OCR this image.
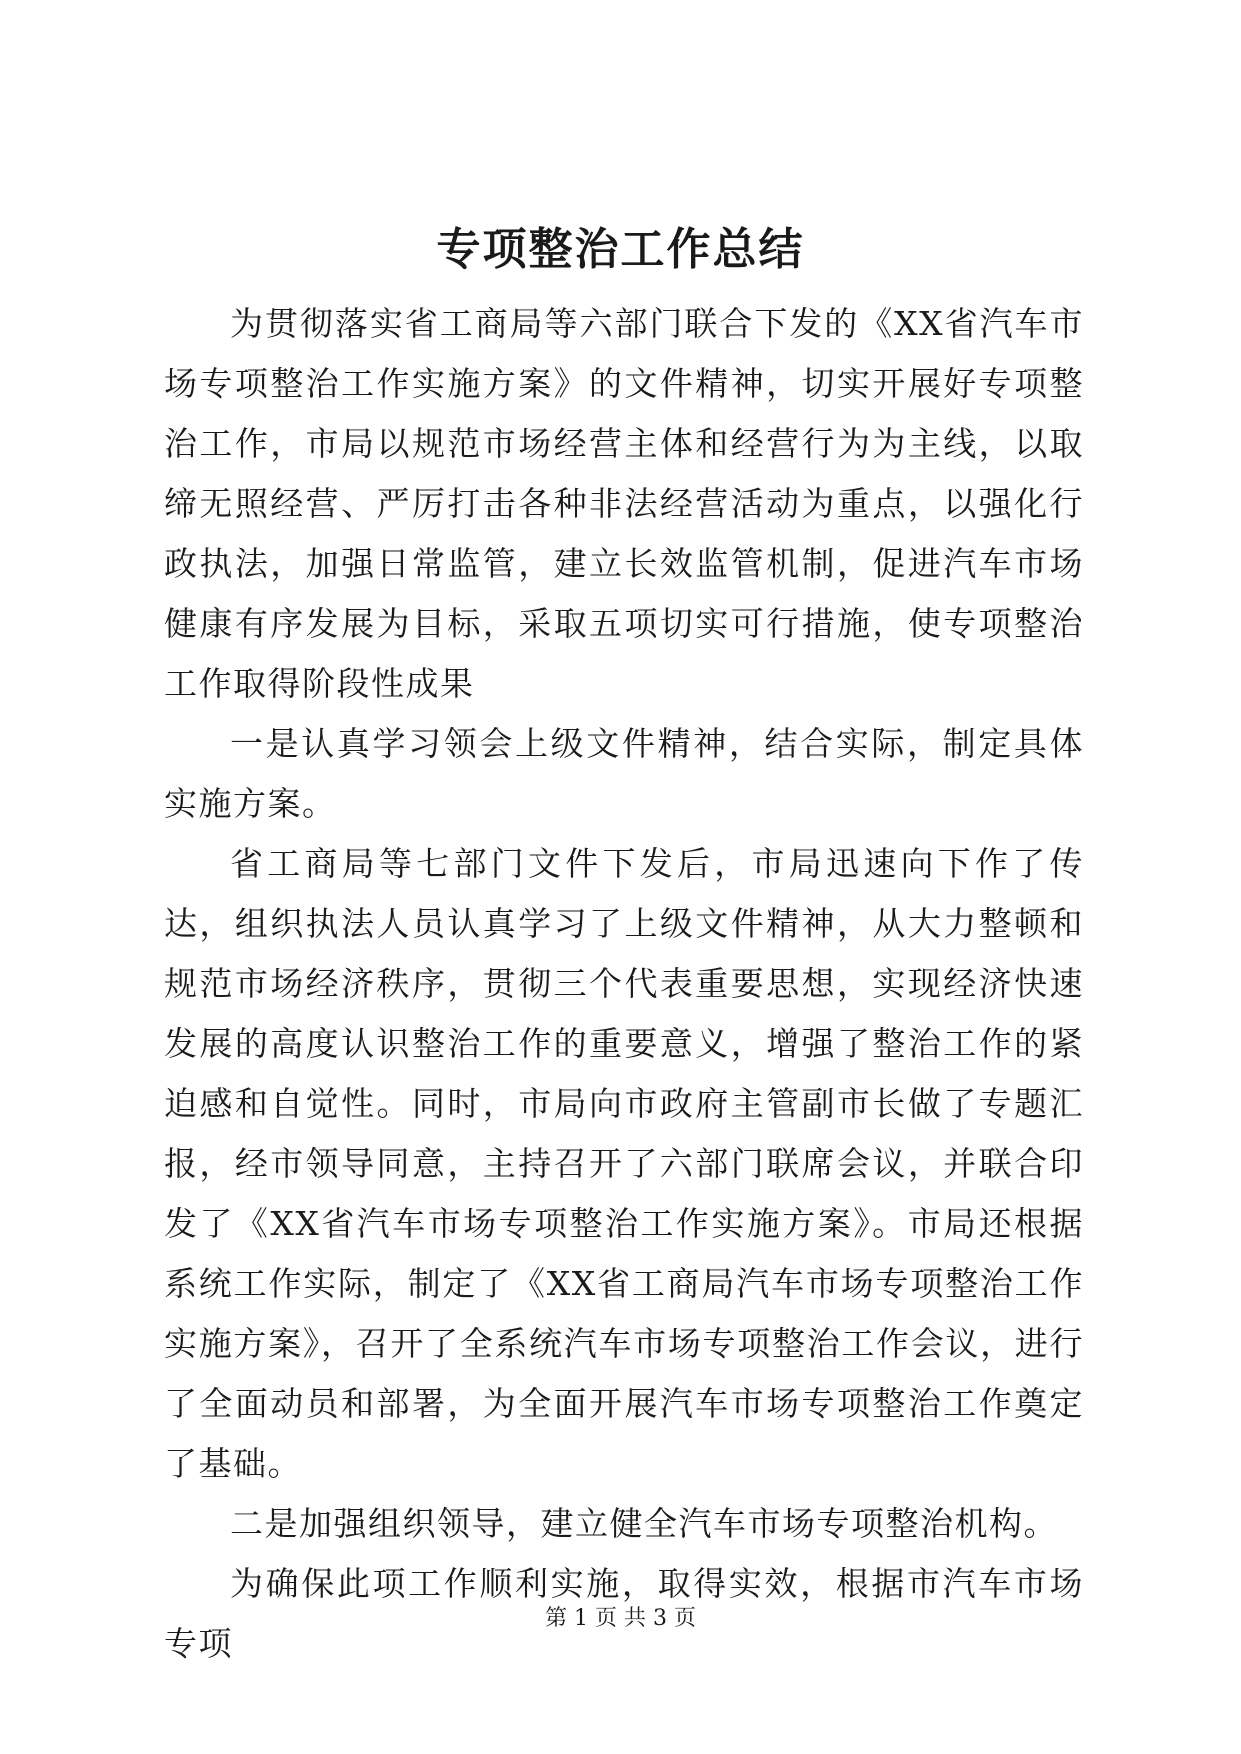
专项整治工作总结

为贯彻落实省工商局等六部门联合下发的《XX省汽车市场专项整治工作实施方案》的文件精神，切实开展好专项整治工作，市局以规范市场经营主体和经营行为为主线，以取缔无照经营、严厉打击各种非法经营活动为重点，以强化行政执法，加强日常监管，建立长效监管机制，促进汽车市场健康有序发展为目标，采取五项切实可行措施，使专项整治工作取得阶段性成果

一是认真学习领会上级文件精神，结合实际，制定具体实施方案。

省工商局等七部门文件下发后，市局迅速向下作了传达，组织执法人员认真学习了上级文件精神，从大力整顿和规范市场经济秩序，贯彻三个代表重要思想，实现经济快速发展的高度认识整治工作的重要意义，增强了整治工作的紧迫感和自觉性。同时，市局向市政府主管副市长做了专题汇报，经市领导同意，主持召开了六部门联席会议，并联合印发了《XX省汽车市场专项整治工作实施方案》。市局还根据系统工作实际，制定了《XX省工商局汽车市场专项整治工作实施方案》，召开了全系统汽车市场专项整治工作会议，进行了全面动员和部署，为全面开展汽车市场专项整治工作奠定了基础。

二是加强组织领导，建立健全汽车市场专项整治机构。

为确保此项工作顺利实施，取得实效，根据市汽车市场专项

第 1 页 共 3 页
